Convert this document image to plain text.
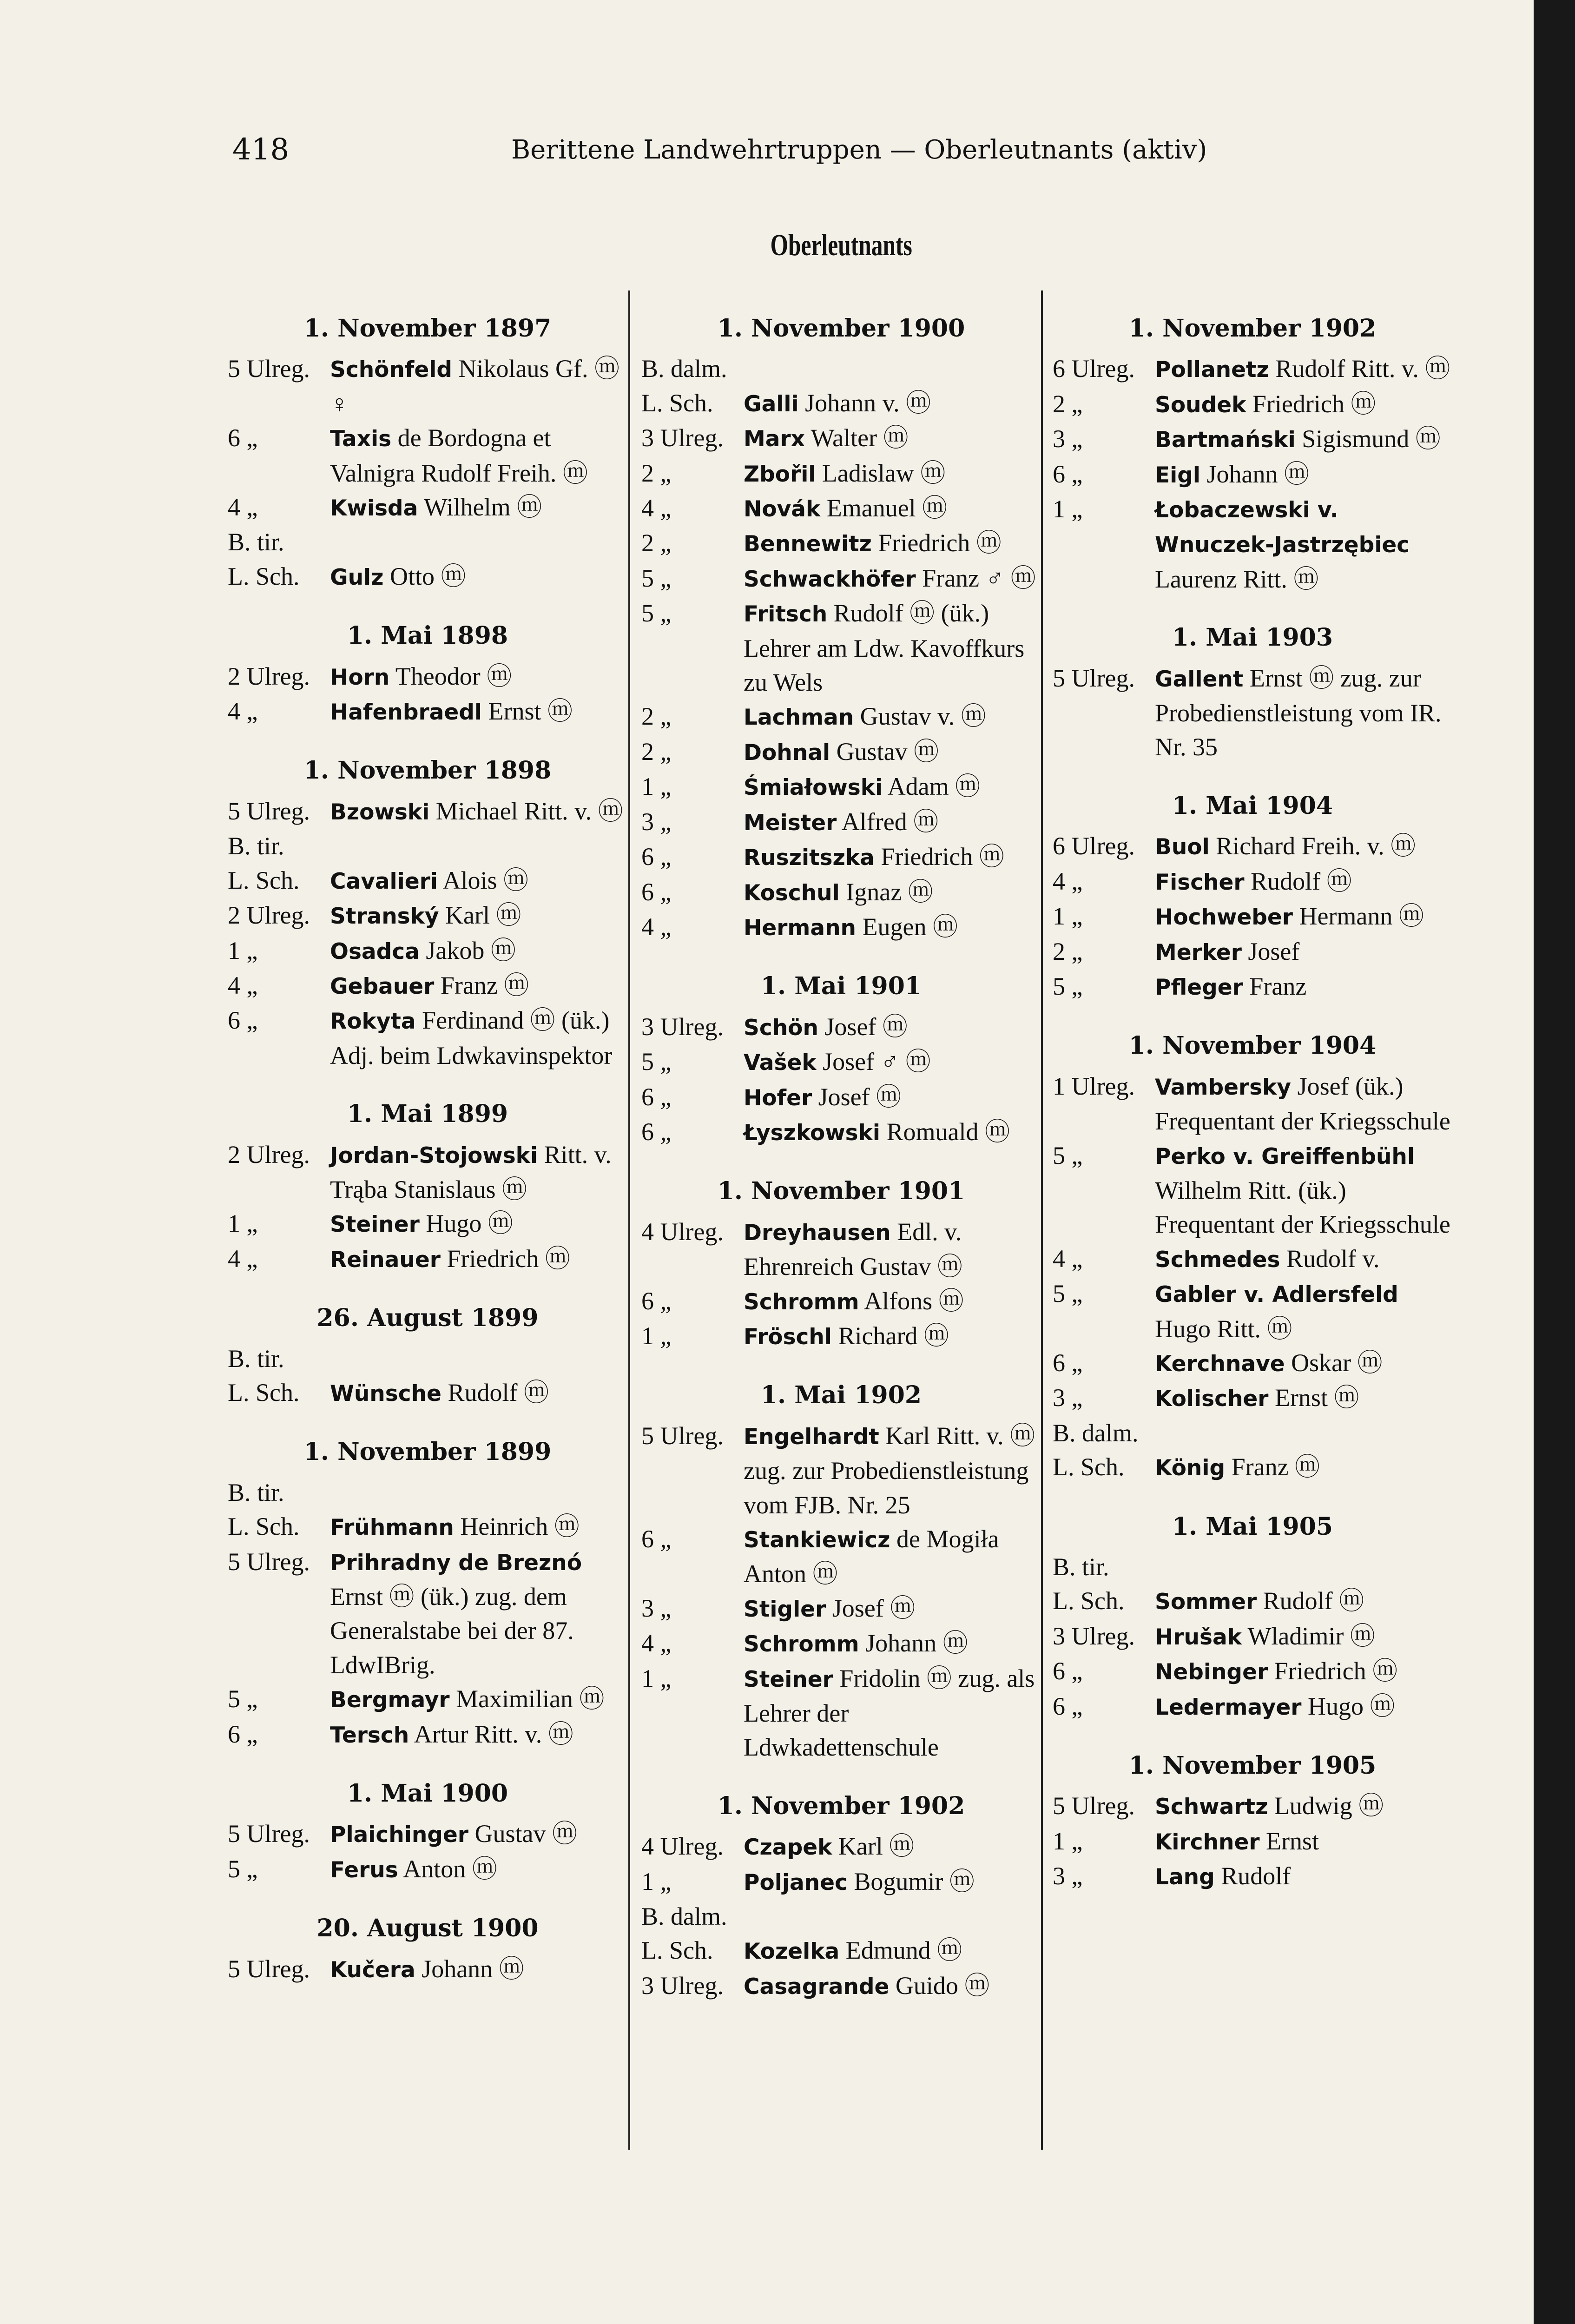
418	Berittene Landwehrtruppen — Oberleutnants (aktiv)
Oberleutnants
1. November 1897
5 Ulreg. Schönfeld Nikolaus Gf. ⓜ ♀
6 „	Taxis de Bordogna et Valnigra Rudolf Freih. ⓜ
4 „	Kwisda Wilhelm ⓜ
B. tir.
L. Sch.	Gulz Otto ⓜ
1. Mai 1898
2 Ulreg. Horn Theodor ⓜ
4 „	Hafenbraedl Ernst ⓜ
1. November 1898
5 Ulreg. Bzowski Michael Ritt. v. ⓜ
B. tir.
L. Sch.	Cavalieri Alois ⓜ
2 Ulreg. Stranský Karl ⓜ
1 „	Osadca Jakob ⓜ
4 „	Gebauer Franz ⓜ
6 „	Rokyta Ferdinand ⓜ (ük.) Adj. beim Ldwkavinspektor
1. Mai 1899
2 Ulreg. Jordan-Stojowski Ritt. v. Trąba Stanislaus ⓜ
1 „	Steiner Hugo ⓜ
4 „	Reinauer Friedrich ⓜ
26. August 1899
B. tir.
L. Sch.	Wünsche Rudolf ⓜ
1. November 1899
B. tir.
L. Sch.	Frühmann Heinrich ⓜ
5 Ulreg. Prihradny de Breznó Ernst ⓜ (ük.) zug. dem Generalstabe bei der 87. LdwIBrig.
5 „	Bergmayr Maximilian ⓜ
6 „	Tersch Artur Ritt. v. ⓜ
1. Mai 1900
5 Ulreg. Plaichinger Gustav ⓜ
5 „	Ferus Anton ⓜ
20. August 1900
5 Ulreg. Kučera Johann ⓜ
1. November 1900
B. dalm.
L. Sch.	Galli Johann v. ⓜ
3 Ulreg. Marx Walter ⓜ
2 „	Zbořil Ladislaw ⓜ
4 „	Novák Emanuel ⓜ
2 „	Bennewitz Friedrich ⓜ
5 „	Schwackhöfer Franz ♂ ⓜ
5 „	Fritsch Rudolf ⓜ (ük.) Lehrer am Ldw. Kavoffkurs zu Wels
2 „	Lachman Gustav v. ⓜ
2 „	Dohnal Gustav ⓜ
1 „	Śmiałowski Adam ⓜ
3 „	Meister Alfred ⓜ
6 „	Ruszitszka Friedrich ⓜ
6 „	Koschul Ignaz ⓜ
4 „	Hermann Eugen ⓜ
1. Mai 1901
3 Ulreg. Schön Josef ⓜ
5 „	Vašek Josef ♂ ⓜ
6 „	Hofer Josef ⓜ
6 „	Łyszkowski Romuald ⓜ
1. November 1901
4 Ulreg. Dreyhausen Edl. v. Ehrenreich Gustav ⓜ
6 „	Schromm Alfons ⓜ
1 „	Fröschl Richard ⓜ
1. Mai 1902
5 Ulreg. Engelhardt Karl Ritt. v. ⓜ zug. zur Probedienstleistung vom FJB. Nr. 25
6 „	Stankiewicz de Mogiła Anton ⓜ
3 „	Stigler Josef ⓜ
4 „	Schromm Johann ⓜ
1 „	Steiner Fridolin ⓜ zug. als Lehrer der Ldwkadettenschule
1. November 1902
4 Ulreg. Czapek Karl ⓜ
1 „	Poljanec Bogumir ⓜ
B. dalm.
L. Sch.	Kozelka Edmund ⓜ
3 Ulreg. Casagrande Guido ⓜ
1. November 1902
6 Ulreg. Pollanetz Rudolf Ritt. v. ⓜ
2 „	Soudek Friedrich ⓜ
3 „	Bartmański Sigismund ⓜ
6 „	Eigl Johann ⓜ
1 „	Łobaczewski v. Wnuczek-Jastrzębiec Laurenz Ritt. ⓜ
1. Mai 1903
5 Ulreg. Gallent Ernst ⓜ zug. zur Probedienstleistung vom IR. Nr. 35
1. Mai 1904
6 Ulreg. Buol Richard Freih. v. ⓜ
4 „	Fischer Rudolf ⓜ
1 „	Hochweber Hermann ⓜ
2 „	Merker Josef
5 „	Pfleger Franz
1. November 1904
1 Ulreg. Vambersky Josef (ük.) Frequentant der Kriegsschule
5 „	Perko v. Greiffenbühl Wilhelm Ritt. (ük.) Frequentant der Kriegsschule
4 „	Schmedes Rudolf v.
5 „	Gabler v. Adlersfeld Hugo Ritt. ⓜ
6 „	Kerchnave Oskar ⓜ
3 „	Kolischer Ernst ⓜ
B. dalm.
L. Sch.	König Franz ⓜ
1. Mai 1905
B. tir.
L. Sch.	Sommer Rudolf ⓜ
3 Ulreg. Hrušak Wladimir ⓜ
6 „	Nebinger Friedrich ⓜ
6 „	Ledermayer Hugo ⓜ
1. November 1905
5 Ulreg. Schwartz Ludwig ⓜ
1 „	Kirchner Ernst
3 „	Lang Rudolf
